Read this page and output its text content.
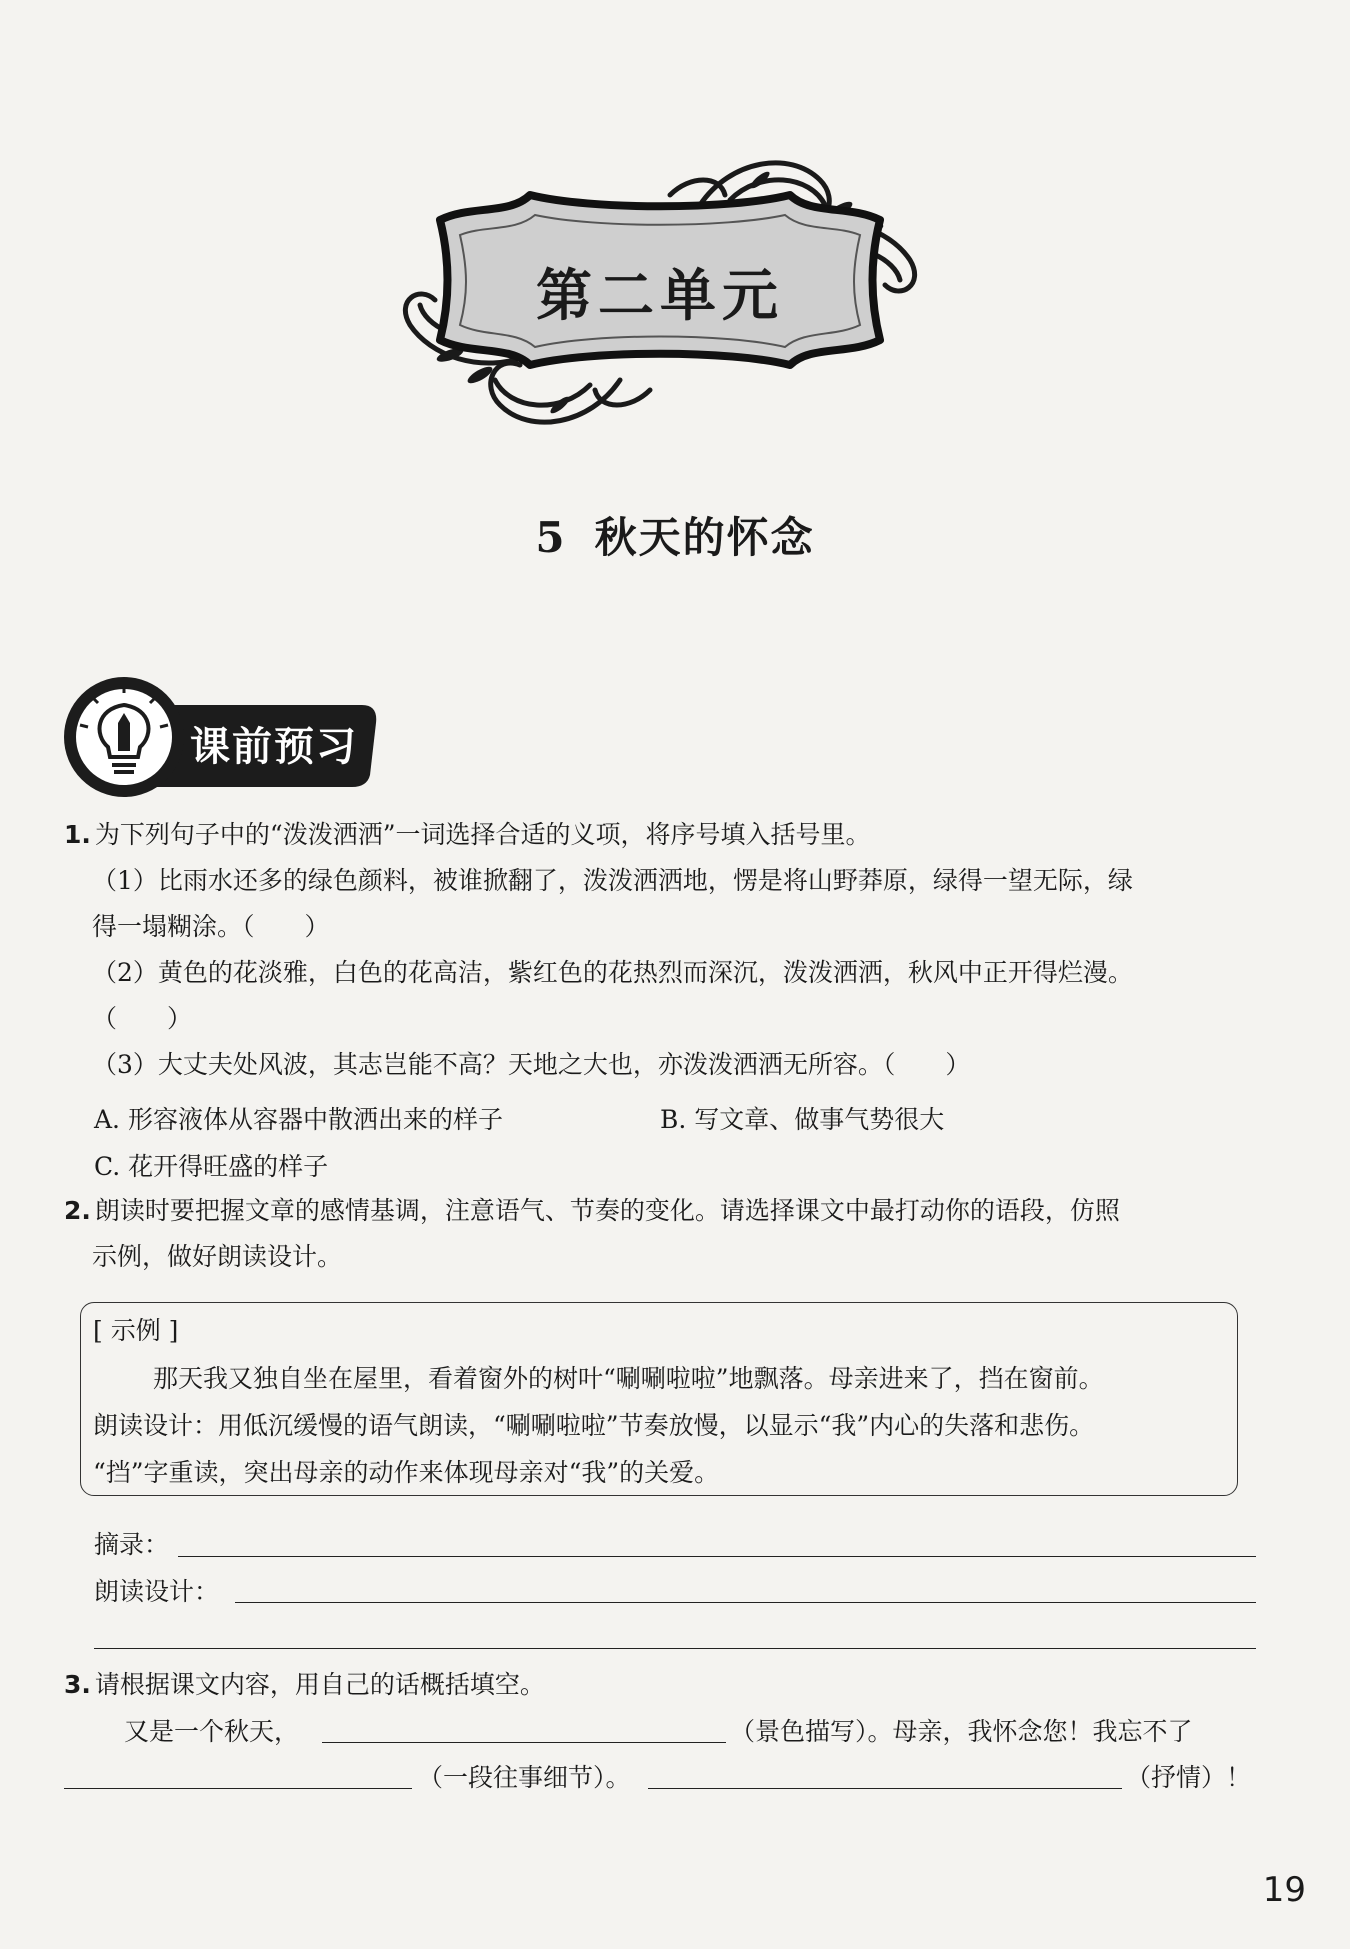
第二单元
5 秋天的怀念
课前预习
1. 为下列句子中的“泼泼洒洒”一词选择合适的义项，将序号填入括号里。
（1）比雨水还多的绿色颜料，被谁掀翻了，泼泼洒洒地，愣是将山野莽原，绿得一望无际，绿
得一塌糊涂。（　　）
（2）黄色的花淡雅，白色的花高洁，紫红色的花热烈而深沉，泼泼洒洒，秋风中正开得烂漫。
（　　）
（3）大丈夫处风波，其志岂能不高？天地之大也，亦泼泼洒洒无所容。（　　）
A. 形容液体从容器中散洒出来的样子	B. 写文章、做事气势很大
C. 花开得旺盛的样子
2. 朗读时要把握文章的感情基调，注意语气、节奏的变化。请选择课文中最打动你的语段，仿照
示例，做好朗读设计。
[ 示例 ]
那天我又独自坐在屋里，看着窗外的树叶“唰唰啦啦”地飘落。母亲进来了，挡在窗前。
朗读设计：用低沉缓慢的语气朗读，“唰唰啦啦”节奏放慢，以显示“我”内心的失落和悲伤。
“挡”字重读，突出母亲的动作来体现母亲对“我”的关爱。
摘录：
朗读设计：
3. 请根据课文内容，用自己的话概括填空。
又是一个秋天，	（景色描写）。母亲，我怀念您！我忘不了
（一段往事细节）。	（抒情）！
19
